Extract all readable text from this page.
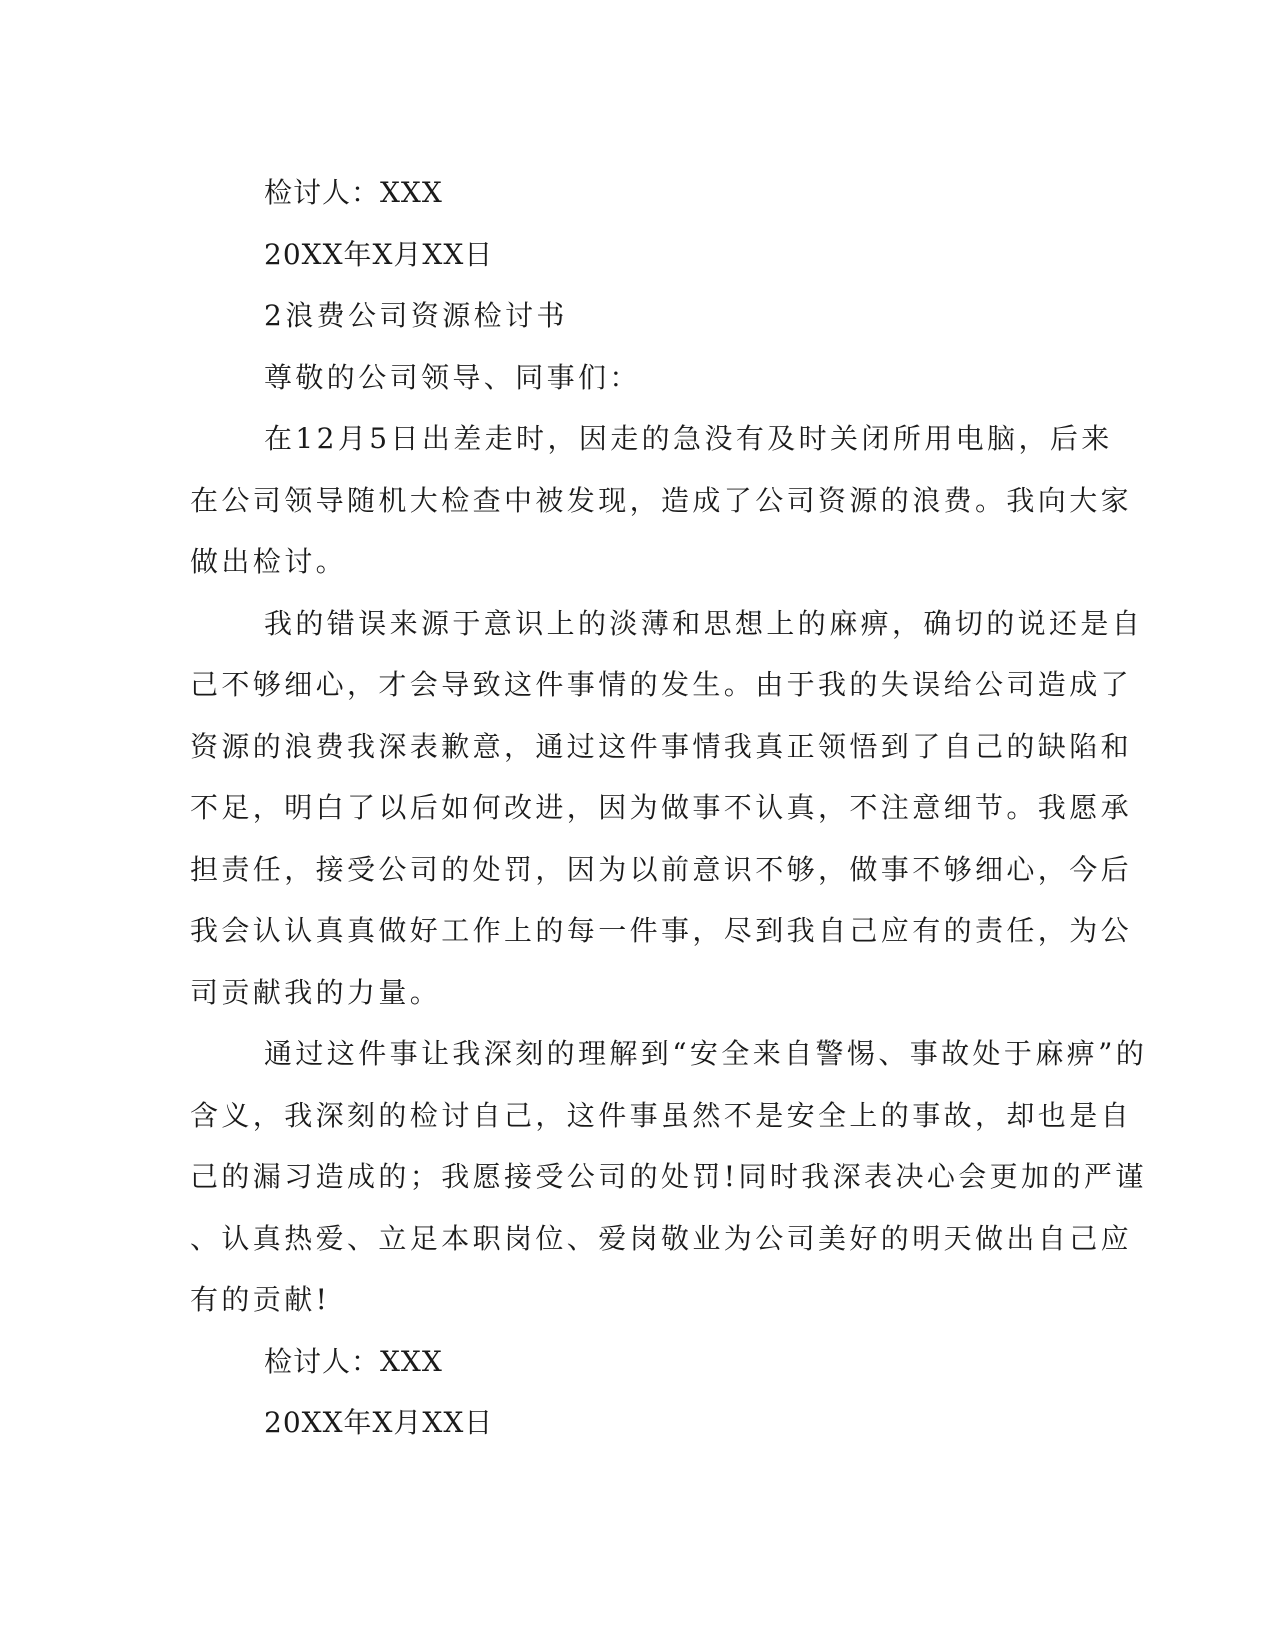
检讨人：XXX
20XX年X月XX日
2浪费公司资源检讨书
尊敬的公司领导、同事们：
在12月5日出差走时，因走的急没有及时关闭所用电脑，后来
在公司领导随机大检查中被发现，造成了公司资源的浪费。我向大家
做出检讨。
我的错误来源于意识上的淡薄和思想上的麻痹，确切的说还是自
己不够细心，才会导致这件事情的发生。由于我的失误给公司造成了
资源的浪费我深表歉意，通过这件事情我真正领悟到了自己的缺陷和
不足，明白了以后如何改进，因为做事不认真，不注意细节。我愿承
担责任，接受公司的处罚，因为以前意识不够，做事不够细心，今后
我会认认真真做好工作上的每一件事，尽到我自己应有的责任，为公
司贡献我的力量。
通过这件事让我深刻的理解到“安全来自警惕、事故处于麻痹”的
含义，我深刻的检讨自己，这件事虽然不是安全上的事故，却也是自
己的漏习造成的；我愿接受公司的处罚!同时我深表决心会更加的严谨
、认真热爱、立足本职岗位、爱岗敬业为公司美好的明天做出自己应
有的贡献!
检讨人：XXX
20XX年X月XX日
